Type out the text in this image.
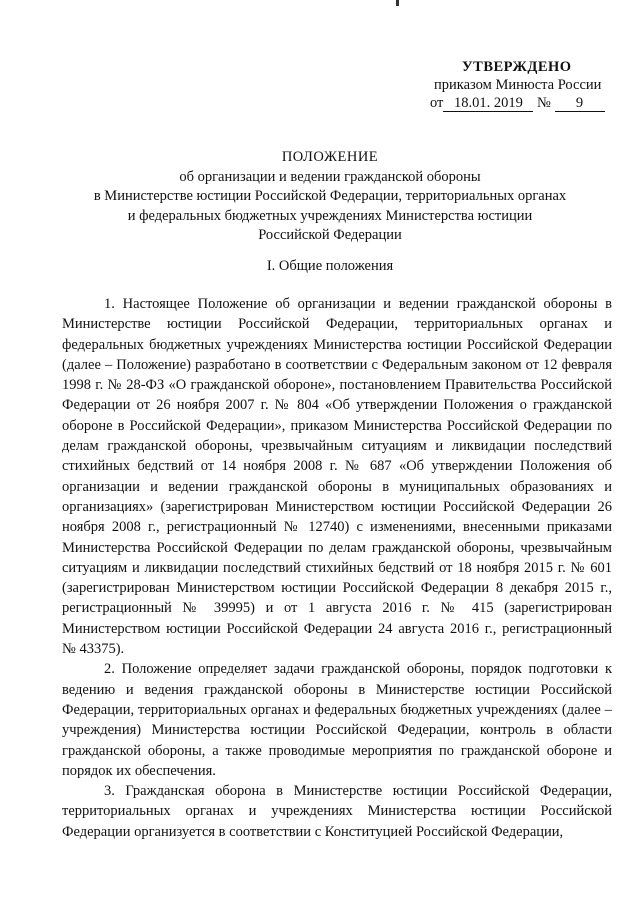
УТВЕРЖДЕНО
приказом Минюста России
от 18.01. 2019 № 9
ПОЛОЖЕНИЕ
об организации и ведении гражданской обороны
в Министерстве юстиции Российской Федерации, территориальных органах
и федеральных бюджетных учреждениях Министерства юстиции
Российской Федерации
I. Общие положения

1. Настоящее Положение об организации и ведении гражданской обороны в Министерстве юстиции Российской Федерации, территориальных органах и федеральных бюджетных учреждениях Министерства юстиции Российской Федерации (далее – Положение) разработано в соответствии с Федеральным законом от 12 февраля 1998 г. № 28-ФЗ «О гражданской обороне», постановлением Правительства Российской Федерации от 26 ноября 2007 г. № 804 «Об утверждении Положения о гражданской обороне в Российской Федерации», приказом Министерства Российской Федерации по делам гражданской обороны, чрезвычайным ситуациям и ликвидации последствий стихийных бедствий от 14 ноября 2008 г. № 687 «Об утверждении Положения об организации и ведении гражданской обороны в муниципальных образованиях и организациях» (зарегистрирован Министерством юстиции Российской Федерации 26 ноября 2008 г., регистрационный № 12740) с изменениями, внесенными приказами Министерства Российской Федерации по делам гражданской обороны, чрезвычайным ситуациям и ликвидации последствий стихийных бедствий от 18 ноября 2015 г. № 601 (зарегистрирован Министерством юстиции Российской Федерации 8 декабря 2015 г., регистрационный № 39995) и от 1 августа 2016 г. № 415 (зарегистрирован Министерством юстиции Российской Федерации 24 августа 2016 г., регистрационный № 43375).

2. Положение определяет задачи гражданской обороны, порядок подготовки к ведению и ведения гражданской обороны в Министерстве юстиции Российской Федерации, территориальных органах и федеральных бюджетных учреждениях (далее – учреждения) Министерства юстиции Российской Федерации, контроль в области гражданской обороны, а также проводимые мероприятия по гражданской обороне и порядок их обеспечения.

3. Гражданская оборона в Министерстве юстиции Российской Федерации, территориальных органах и учреждениях Министерства юстиции Российской Федерации организуется в соответствии с Конституцией Российской Федерации,
